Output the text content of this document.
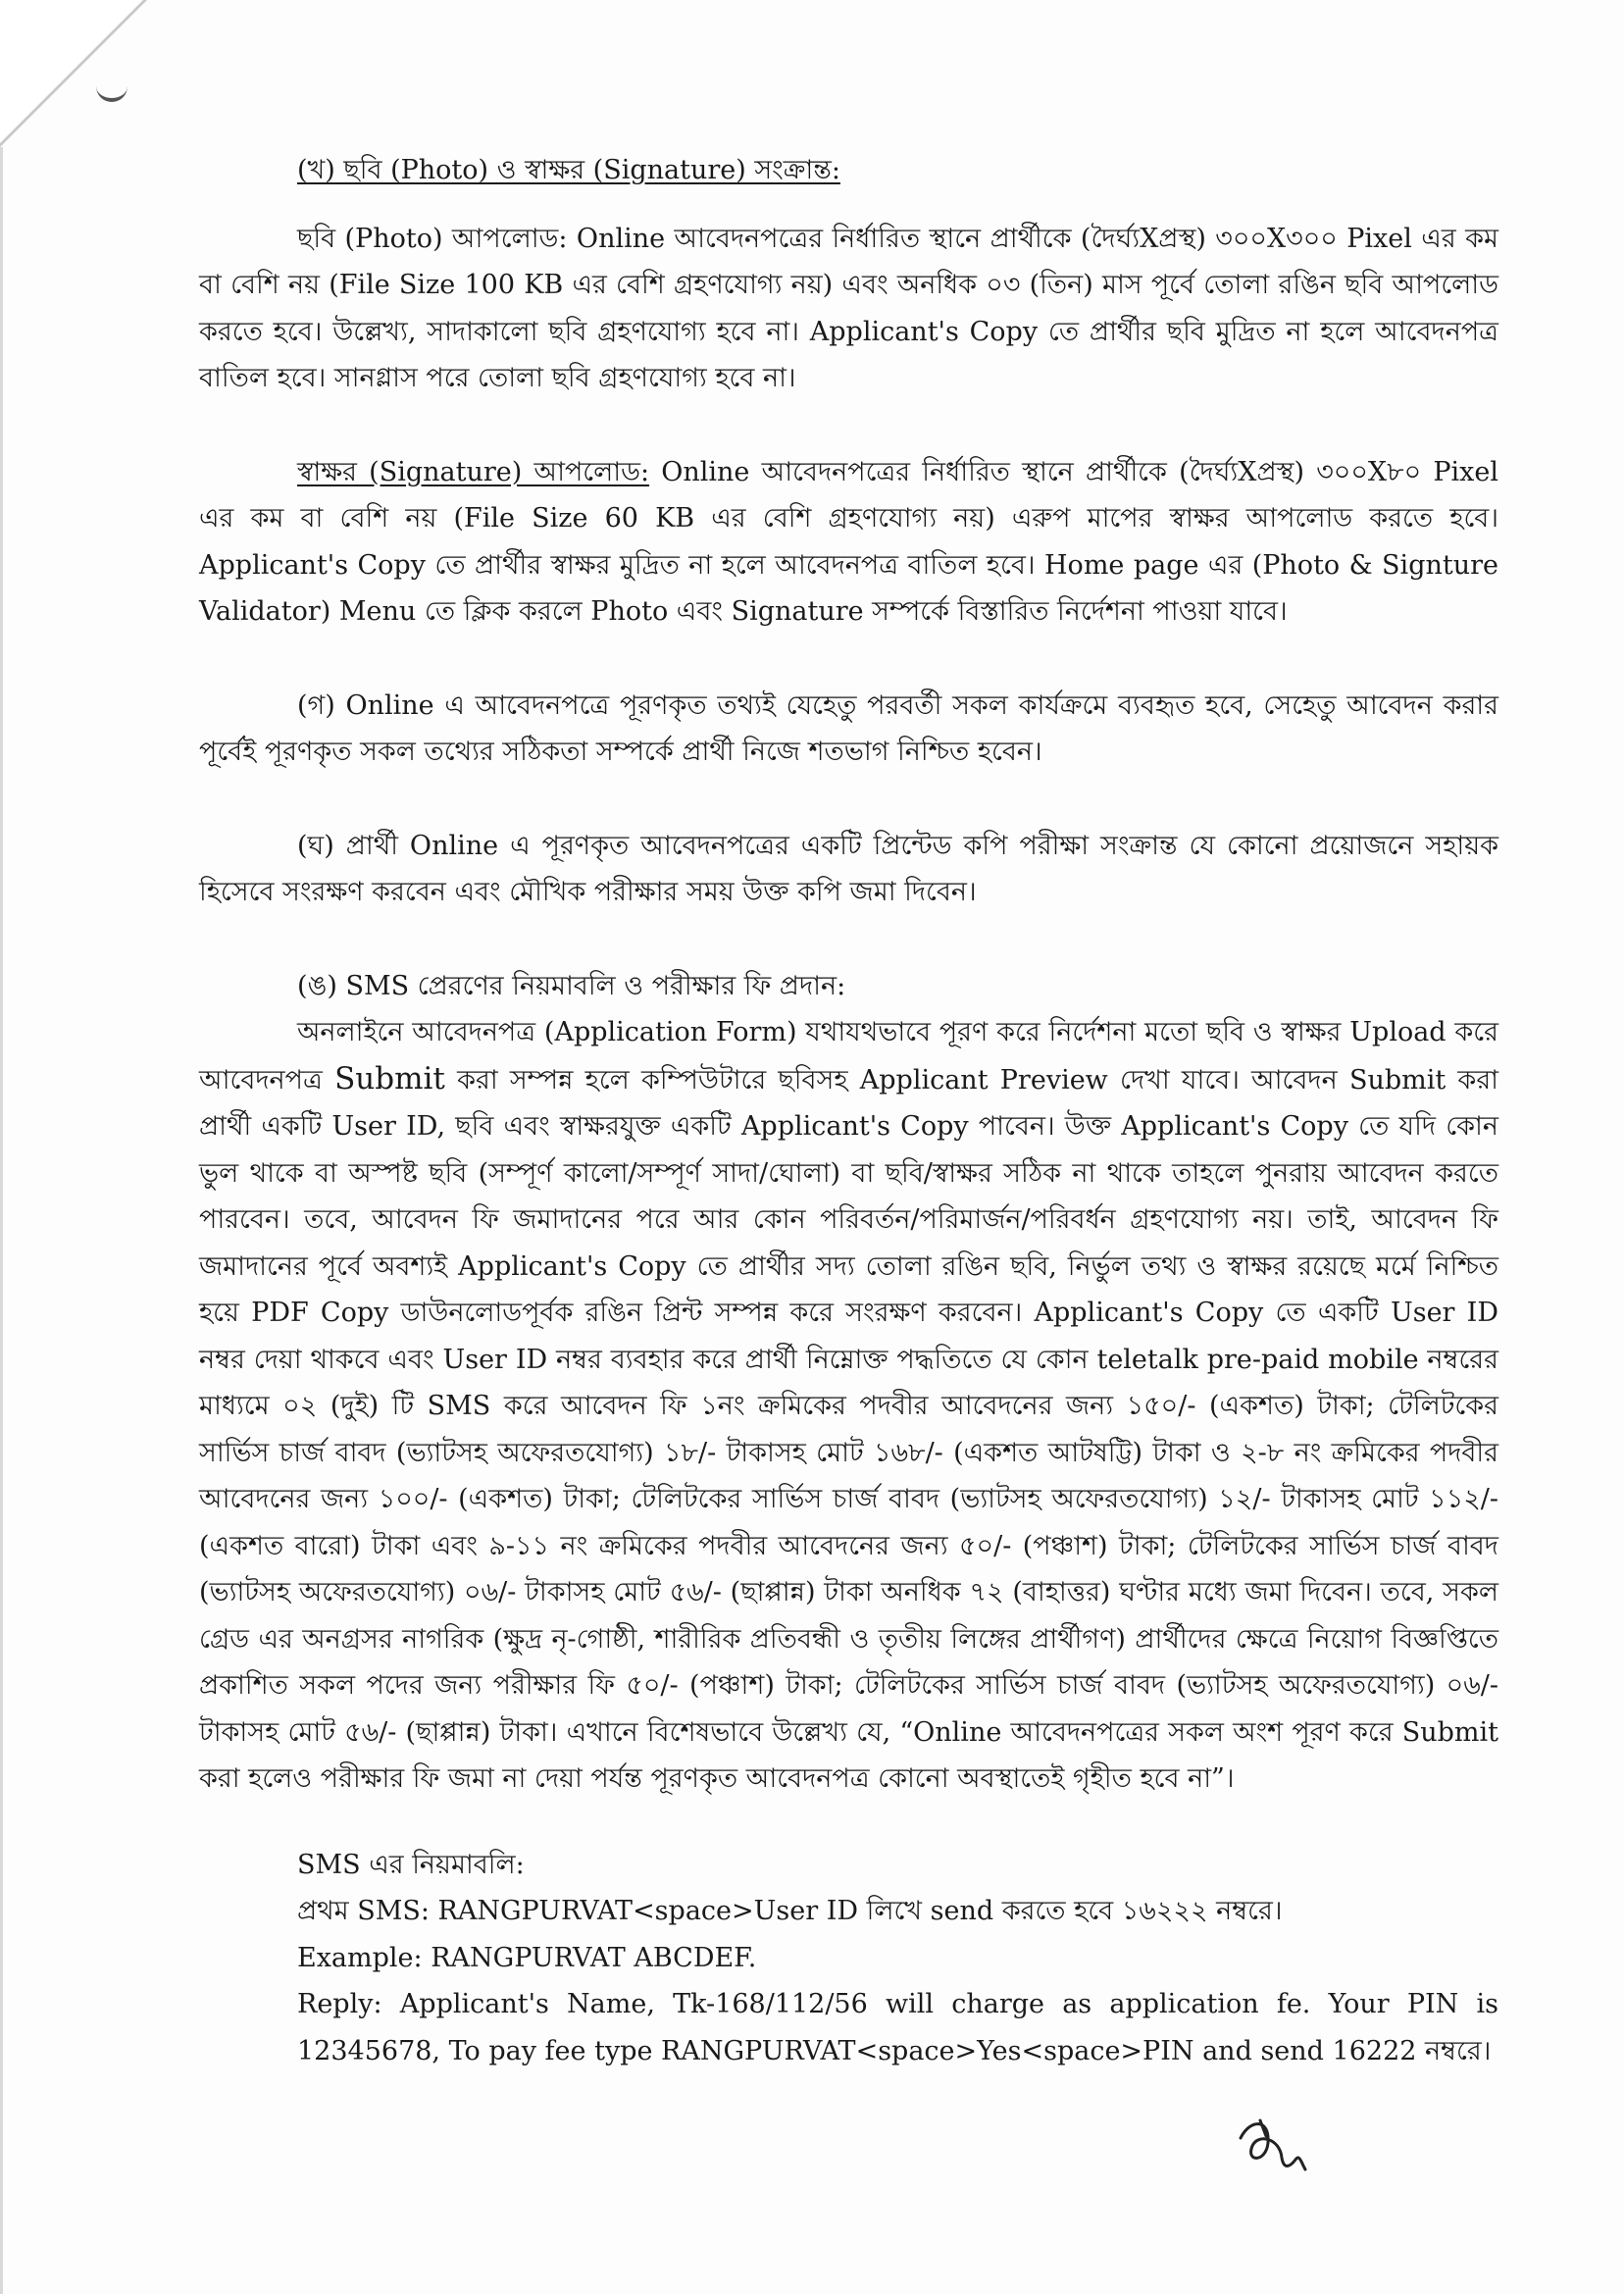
(খ) ছবি (Photo) ও স্বাক্ষর (Signature) সংক্রান্ত:

ছবি (Photo) আপলোড: Online আবেদনপত্রের নির্ধারিত স্থানে প্রার্থীকে (দৈর্ঘ্যXপ্রস্থ) ৩০০X৩০০ Pixel এর কম বা বেশি নয় (File Size 100 KB এর বেশি গ্রহণযোগ্য নয়) এবং অনধিক ০৩ (তিন) মাস পূর্বে তোলা রঙিন ছবি আপলোড করতে হবে। উল্লেখ্য, সাদাকালো ছবি গ্রহণযোগ্য হবে না। Applicant's Copy তে প্রার্থীর ছবি মুদ্রিত না হলে আবেদনপত্র বাতিল হবে। সানগ্লাস পরে তোলা ছবি গ্রহণযোগ্য হবে না।

স্বাক্ষর (Signature) আপলোড: Online আবেদনপত্রের নির্ধারিত স্থানে প্রার্থীকে (দৈর্ঘ্যXপ্রস্থ) ৩০০X৮০ Pixel এর কম বা বেশি নয় (File Size 60 KB এর বেশি গ্রহণযোগ্য নয়) এরুপ মাপের স্বাক্ষর আপলোড করতে হবে। Applicant's Copy তে প্রার্থীর স্বাক্ষর মুদ্রিত না হলে আবেদনপত্র বাতিল হবে। Home page এর (Photo & Signture Validator) Menu তে ক্লিক করলে Photo এবং Signature সম্পর্কে বিস্তারিত নির্দেশনা পাওয়া যাবে।

(গ) Online এ আবেদনপত্রে পূরণকৃত তথ্যই যেহেতু পরবর্তী সকল কার্যক্রমে ব্যবহৃত হবে, সেহেতু আবেদন করার পূর্বেই পূরণকৃত সকল তথ্যের সঠিকতা সম্পর্কে প্রার্থী নিজে শতভাগ নিশ্চিত হবেন।

(ঘ) প্রার্থী Online এ পূরণকৃত আবেদনপত্রের একটি প্রিন্টেড কপি পরীক্ষা সংক্রান্ত যে কোনো প্রয়োজনে সহায়ক হিসেবে সংরক্ষণ করবেন এবং মৌখিক পরীক্ষার সময় উক্ত কপি জমা দিবেন।

(ঙ) SMS প্রেরণের নিয়মাবলি ও পরীক্ষার ফি প্রদান:

অনলাইনে আবেদনপত্র (Application Form) যথাযথভাবে পূরণ করে নির্দেশনা মতো ছবি ও স্বাক্ষর Upload করে আবেদনপত্র Submit করা সম্পন্ন হলে কম্পিউটারে ছবিসহ Applicant Preview দেখা যাবে। আবেদন Submit করা প্রার্থী একটি User ID, ছবি এবং স্বাক্ষরযুক্ত একটি Applicant's Copy পাবেন। উক্ত Applicant's Copy তে যদি কোন ভুল থাকে বা অস্পষ্ট ছবি (সম্পূর্ণ কালো/সম্পূর্ণ সাদা/ঘোলা) বা ছবি/স্বাক্ষর সঠিক না থাকে তাহলে পুনরায় আবেদন করতে পারবেন। তবে, আবেদন ফি জমাদানের পরে আর কোন পরিবর্তন/পরিমার্জন/পরিবর্ধন গ্রহণযোগ্য নয়। তাই, আবেদন ফি জমাদানের পূর্বে অবশ্যই Applicant's Copy তে প্রার্থীর সদ্য তোলা রঙিন ছবি, নির্ভুল তথ্য ও স্বাক্ষর রয়েছে মর্মে নিশ্চিত হয়ে PDF Copy ডাউনলোডপূর্বক রঙিন প্রিন্ট সম্পন্ন করে সংরক্ষণ করবেন। Applicant's Copy তে একটি User ID নম্বর দেয়া থাকবে এবং User ID নম্বর ব্যবহার করে প্রার্থী নিম্নোক্ত পদ্ধতিতে যে কোন teletalk pre-paid mobile নম্বরের মাধ্যমে ০২ (দুই) টি SMS করে আবেদন ফি ১নং ক্রমিকের পদবীর আবেদনের জন্য ১৫০/- (একশত) টাকা; টেলিটকের সার্ভিস চার্জ বাবদ (ভ্যাটসহ অফেরতযোগ্য) ১৮/- টাকাসহ মোট ১৬৮/- (একশত আটষট্টি) টাকা ও ২-৮ নং ক্রমিকের পদবীর আবেদনের জন্য ১০০/- (একশত) টাকা; টেলিটকের সার্ভিস চার্জ বাবদ (ভ্যাটসহ অফেরতযোগ্য) ১২/- টাকাসহ মোট ১১২/-(একশত বারো) টাকা এবং ৯-১১ নং ক্রমিকের পদবীর আবেদনের জন্য ৫০/- (পঞ্চাশ) টাকা; টেলিটকের সার্ভিস চার্জ বাবদ (ভ্যাটসহ অফেরতযোগ্য) ০৬/- টাকাসহ মোট ৫৬/- (ছাপ্পান্ন) টাকা অনধিক ৭২ (বাহাত্তর) ঘণ্টার মধ্যে জমা দিবেন। তবে, সকল গ্রেড এর অনগ্রসর নাগরিক (ক্ষুদ্র নৃ-গোষ্ঠী, শারীরিক প্রতিবন্ধী ও তৃতীয় লিঙ্গের প্রার্থীগণ) প্রার্থীদের ক্ষেত্রে নিয়োগ বিজ্ঞপ্তিতে প্রকাশিত সকল পদের জন্য পরীক্ষার ফি ৫০/- (পঞ্চাশ) টাকা; টেলিটকের সার্ভিস চার্জ বাবদ (ভ্যাটসহ অফেরতযোগ্য) ০৬/- টাকাসহ মোট ৫৬/- (ছাপ্পান্ন) টাকা। এখানে বিশেষভাবে উল্লেখ্য যে, “Online আবেদনপত্রের সকল অংশ পূরণ করে Submit করা হলেও পরীক্ষার ফি জমা না দেয়া পর্যন্ত পূরণকৃত আবেদনপত্র কোনো অবস্থাতেই গৃহীত হবে না”।

SMS এর নিয়মাবলি:

প্রথম SMS: RANGPURVAT<space>User ID লিখে send করতে হবে ১৬২২২ নম্বরে।

Example: RANGPURVAT ABCDEF.

Reply: Applicant's Name, Tk-168/112/56 will charge as application fe. Your PIN is 12345678, To pay fee type RANGPURVAT<space>Yes<space>PIN and send 16222 নম্বরে।
